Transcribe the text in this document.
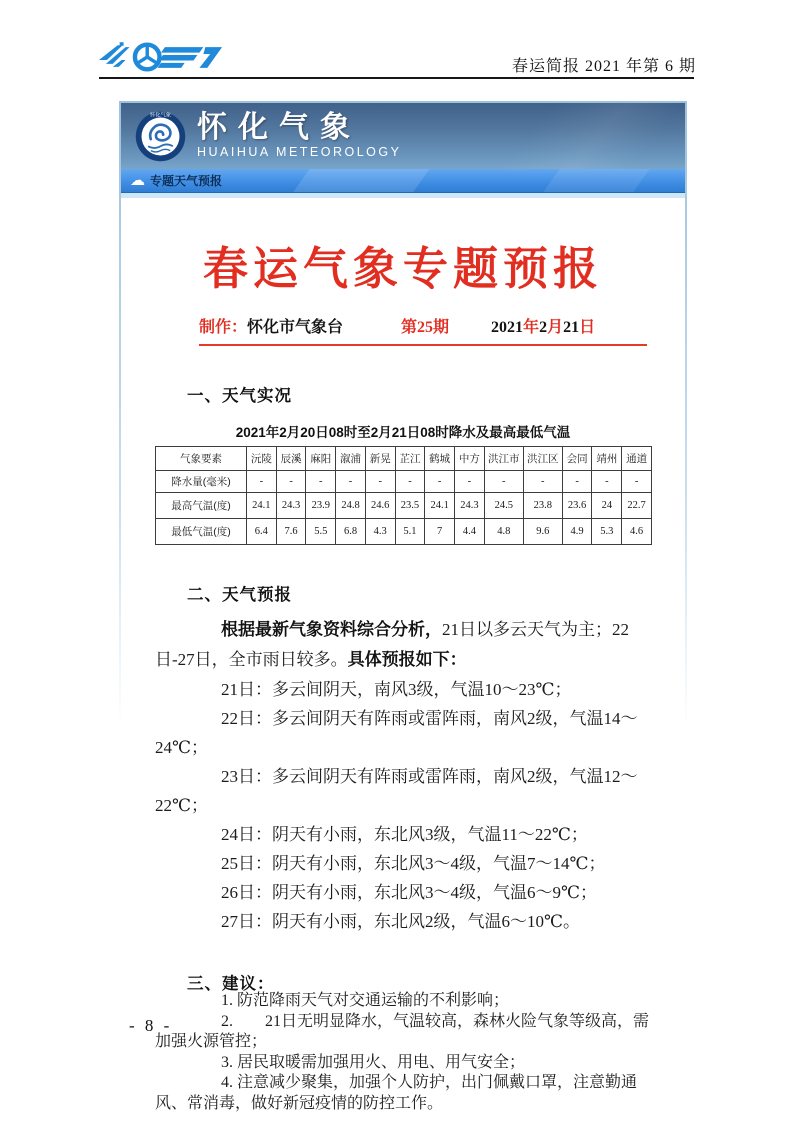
春运简报 2021 年第 6 期
怀化气象 怀化气象
HUAIHUA METEOROLOGY
☁ 专题天气预报
春运气象专题预报
制作：怀化市气象台	第25期	2021年2月21日
一、天气实况
2021年2月20日08时至2月21日08时降水及最高最低气温
气象要素	沅陵	辰溪	麻阳	溆浦	新晃	芷江	鹤城	中方	洪江市	洪江区	会同	靖州	通道
降水量(毫米)	-	-	-	-	-	-	-	-	-	-	-	-	-
最高气温(度)	24.1	24.3	23.9	24.8	24.6	23.5	24.1	24.3	24.5	23.8	23.6	24	22.7
最低气温(度)	6.4	7.6	5.5	6.8	4.3	5.1	7	4.4	4.8	9.6	4.9	5.3	4.6
二、天气预报

根据最新气象资料综合分析，21日以多云天气为主；22日-27日，全市雨日较多。具体预报如下：

21日：多云间阴天，南风3级，气温10～23℃；

22日：多云间阴天有阵雨或雷阵雨，南风2级，气温14～24℃；

23日：多云间阴天有阵雨或雷阵雨，南风2级，气温12～22℃；

24日：阴天有小雨，东北风3级，气温11～22℃；

25日：阴天有小雨，东北风3～4级，气温7～14℃；

26日：阴天有小雨，东北风3～4级，气温6～9℃；

27日：阴天有小雨，东北风2级，气温6～10℃。

三、建议：

1. 防范降雨天气对交通运输的不利影响；

2.　　21日无明显降水，气温较高，森林火险气象等级高，需加强火源管控；

3. 居民取暖需加强用火、用电、用气安全；

4. 注意减少聚集，加强个人防护，出门佩戴口罩，注意勤通风、常消毒，做好新冠疫情的防控工作。

- 8 -
